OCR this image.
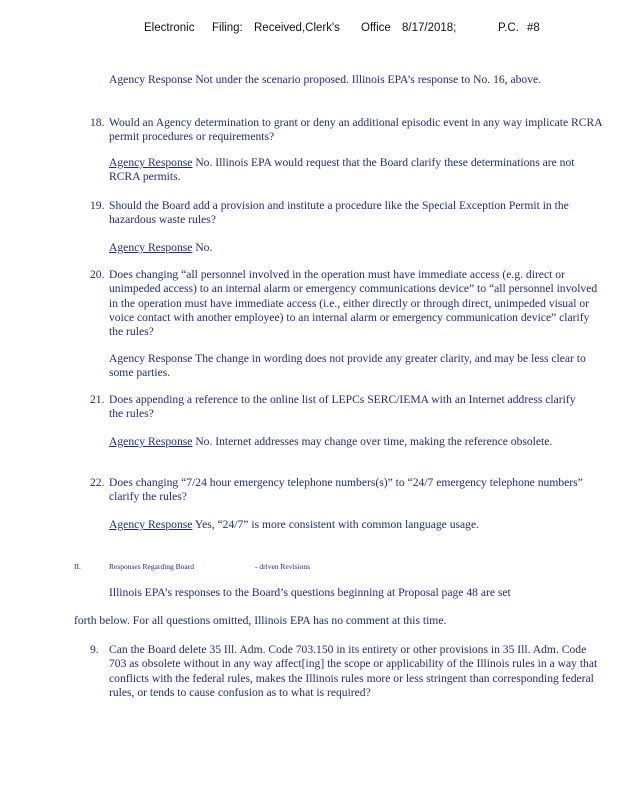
Electronic Filing: Received,Clerk's Office 8/17/2018;	P.C. #8
Agency Response Not under the scenario proposed. Illinois EPA’s response to No. 16, above.
18. Would an Agency determination to grant or deny an additional episodic event in any way implicate RCRA permit procedures or requirements?
Agency Response No. Illinois EPA would request that the Board clarify these determinations are not RCRA permits.
19. Should the Board add a provision and institute a procedure like the Special Exception Permit in the hazardous waste rules?
Agency Response No.
20. Does changing “all personnel involved in the operation must have immediate access (e.g. direct or unimpeded access) to an internal alarm or emergency communications device” to “all personnel involved in the operation must have immediate access (i.e., either directly or through direct, unimpeded visual or voice contact with another employee) to an internal alarm or emergency communication device” clarify the rules?
Agency Response The change in wording does not provide any greater clarity, and may be less clear to some parties.
21. Does appending a reference to the online list of LEPCs SERC/IEMA with an Internet address clarify the rules?
Agency Response No. Internet addresses may change over time, making the reference obsolete.
22. Does changing “7/24 hour emergency telephone numbers(s)” to “24/7 emergency telephone numbers” clarify the rules?
Agency Response Yes, “24/7” is more consistent with common language usage.
II.	Responses Regarding Board	- driven Revisions
Illinois EPA’s responses to the Board’s questions beginning at Proposal page 48 are set
forth below. For all questions omitted, Illinois EPA has no comment at this time.
9. Can the Board delete 35 Ill. Adm. Code 703.150 in its entirety or other provisions in 35 Ill. Adm. Code 703 as obsolete without in any way affect[ing] the scope or applicability of the Illinois rules in a way that conflicts with the federal rules, makes the Illinois rules more or less stringent than corresponding federal rules, or tends to cause confusion as to what is required?
